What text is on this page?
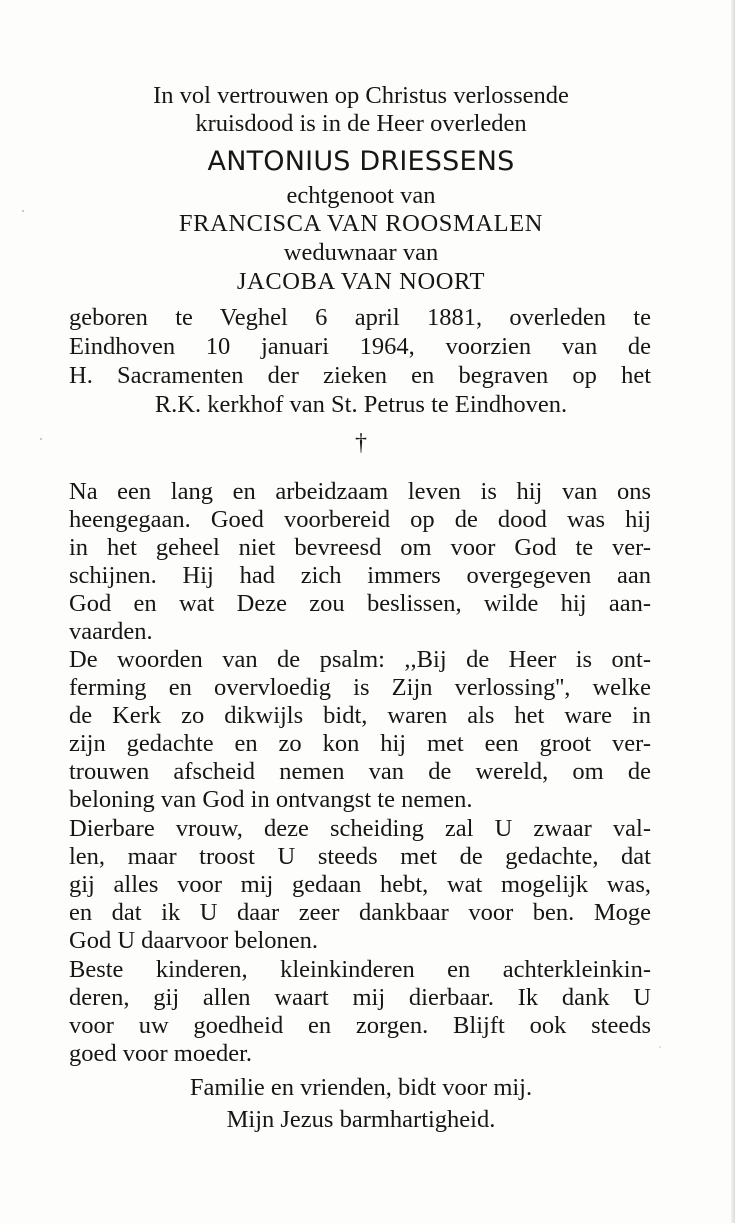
In vol vertrouwen op Christus verlossende
kruisdood is in de Heer overleden
ANTONIUS DRIESSENS
echtgenoot van
FRANCISCA VAN ROOSMALEN
weduwnaar van
JACOBA VAN NOORT
geboren te Veghel 6 april 1881, overleden te
Eindhoven 10 januari 1964, voorzien van de
H. Sacramenten der zieken en begraven op het
R.K. kerkhof van St. Petrus te Eindhoven.
†
Na een lang en arbeidzaam leven is hij van ons
heengegaan. Goed voorbereid op de dood was hij
in het geheel niet bevreesd om voor God te ver-
schijnen. Hij had zich immers overgegeven aan
God en wat Deze zou beslissen, wilde hij aan-
vaarden.
De woorden van de psalm: ,,Bij de Heer is ont-
ferming en overvloedig is Zijn verlossing'', welke
de Kerk zo dikwijls bidt, waren als het ware in
zijn gedachte en zo kon hij met een groot ver-
trouwen afscheid nemen van de wereld, om de
beloning van God in ontvangst te nemen.
Dierbare vrouw, deze scheiding zal U zwaar val-
len, maar troost U steeds met de gedachte, dat
gij alles voor mij gedaan hebt, wat mogelijk was,
en dat ik U daar zeer dankbaar voor ben. Moge
God U daarvoor belonen.
Beste kinderen, kleinkinderen en achterkleinkin-
deren, gij allen waart mij dierbaar. Ik dank U
voor uw goedheid en zorgen. Blijft ook steeds
goed voor moeder.
Familie en vrienden, bidt voor mij.
Mijn Jezus barmhartigheid.
